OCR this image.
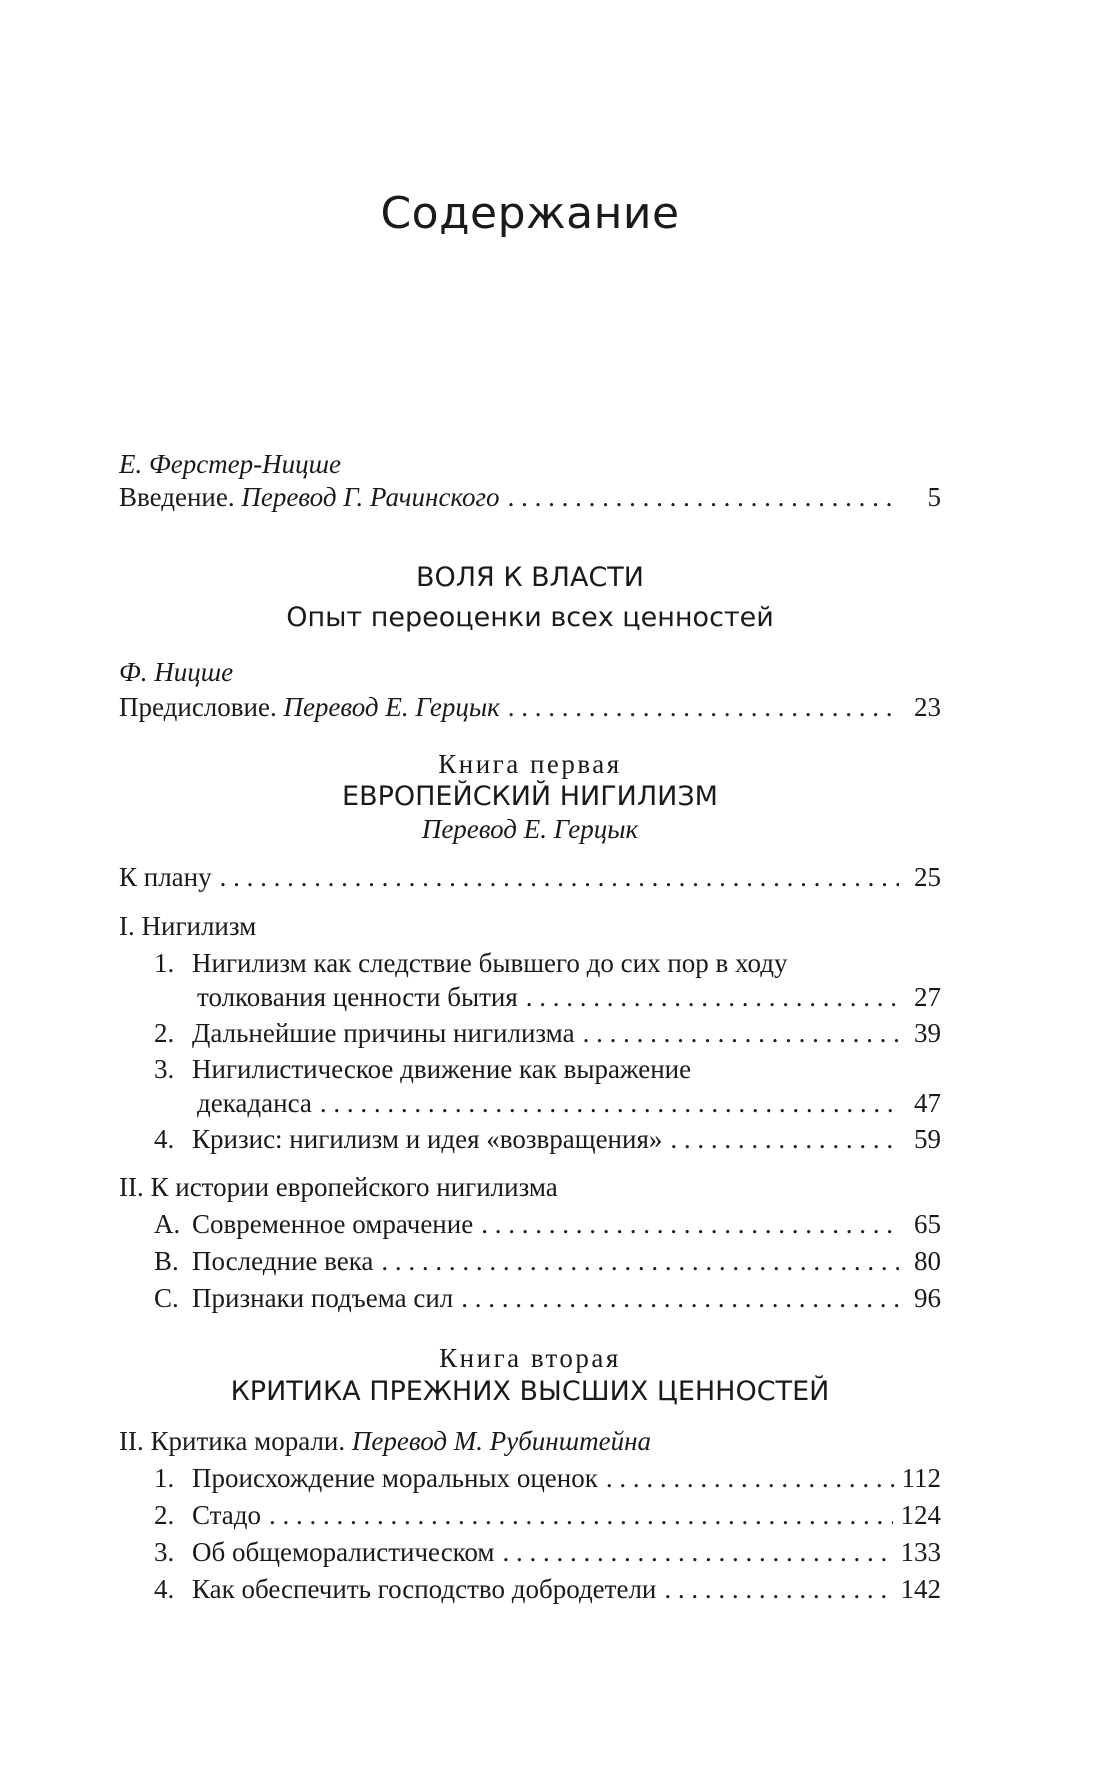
Содержание
Е. Ферстер-Ницше
Введение. Перевод Г. Рачинского . . .	5
ВОЛЯ К ВЛАСТИ
Опыт переоценки всех ценностей
Ф. Ницше
Предисловие. Перевод Е. Герцык . . .	23
Книга первая
ЕВРОПЕЙСКИЙ НИГИЛИЗМ
Перевод Е. Герцык
К плану . . .	25
I. Нигилизм
1. Нигилизм как следствие бывшего до сих пор в ходу
толкования ценности бытия . . .	27
2. Дальнейшие причины нигилизма . . .	39
3. Нигилистическое движение как выражение
декаданса . . .	47
4. Кризис: нигилизм и идея «возвращения» . . .	59
II. К истории европейского нигилизма
A. Современное омрачение . . .	65
B. Последние века . . .	80
C. Признаки подъема сил . . .	96
Книга вторая
КРИТИКА ПРЕЖНИХ ВЫСШИХ ЦЕННОСТЕЙ
II. Критика морали. Перевод М. Рубинштейна
1. Происхождение моральных оценок . . .	112
2. Стадо . . .	124
3. Об общеморалистическом . . .	133
4. Как обеспечить господство добродетели . . .	142
